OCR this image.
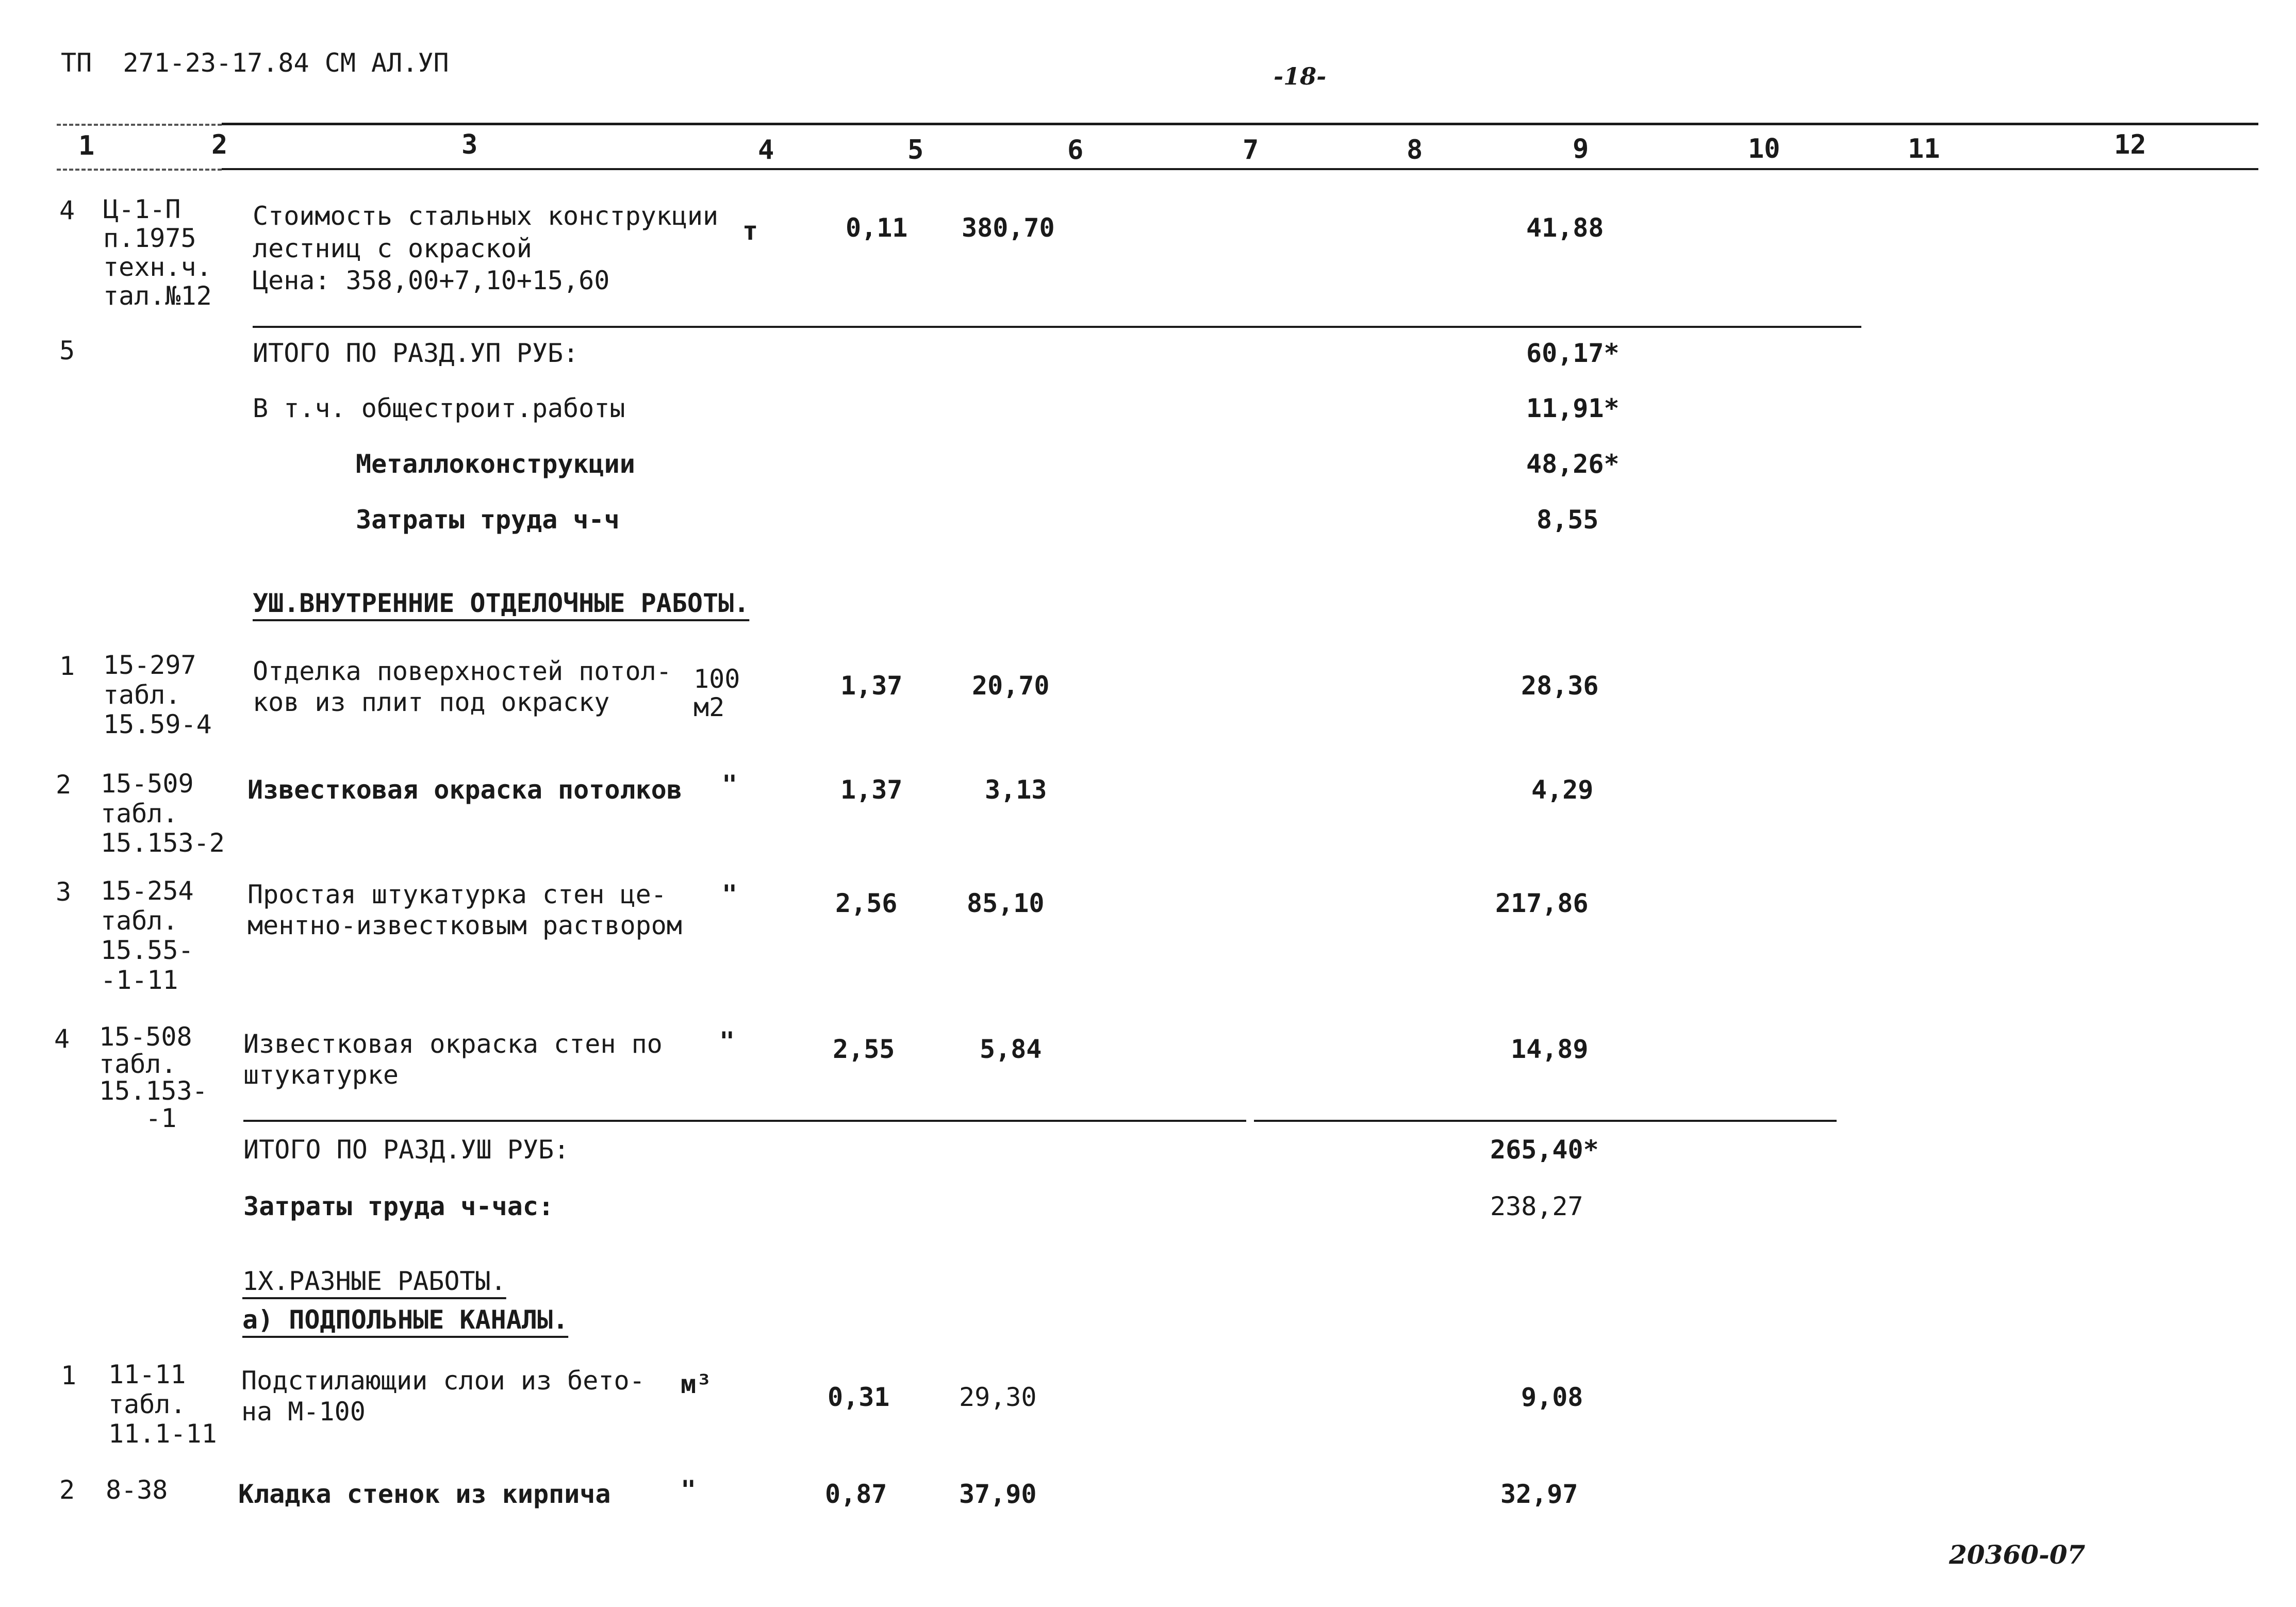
ТП  271-23-17.84 СМ АЛ.УП	-18-
1	2	3	4	5	6	7	8	9	10	11	12
4 Ц-1-П
п.1975
техн.ч.
тал.№12
Стоимость стальных конструкции
лестниц с окраской
Цена: 358,00+7,10+15,60
т	0,11 380,70	41,88
5	ИТОГО ПО РАЗД.УП РУБ:	60,17*
В т.ч. общестроит.работы	11,91*
Металлоконструкции	48,26*
Затраты труда ч-ч	8,55
УШ.ВНУТРЕННИЕ ОТДЕЛОЧНЫЕ РАБОТЫ.
1 15-297
табл.
15.59-4
Отделка поверхностей потол-
ков из плит под окраску
100
м2
1,37	20,70	28,36
2 15-509
табл.
15.153-2
Известковая окраска потолков "	1,37	3,13	4,29
3 15-254
табл.
15.55-
-1-11
Простая штукатурка стен це-
ментно-известковым раствором
"	2,56	85,10	217,86
4 15-508
табл.
15.153-
-1
Известковая окраска стен по
штукатурке
"	2,55	5,84	14,89
ИТОГО ПО РАЗД.УШ РУБ:	265,40*
Затраты труда ч-час:	238,27
1Х.РАЗНЫЕ РАБОТЫ.
а) ПОДПОЛЬНЫЕ КАНАЛЫ.
1 11-11
табл.
11.1-11
Подстилающии слои из бето-
на М-100
м³	0,31	29,30	9,08
2 8-38	Кладка стенок из кирпича	"	0,87	37,90	32,97
20360-07
